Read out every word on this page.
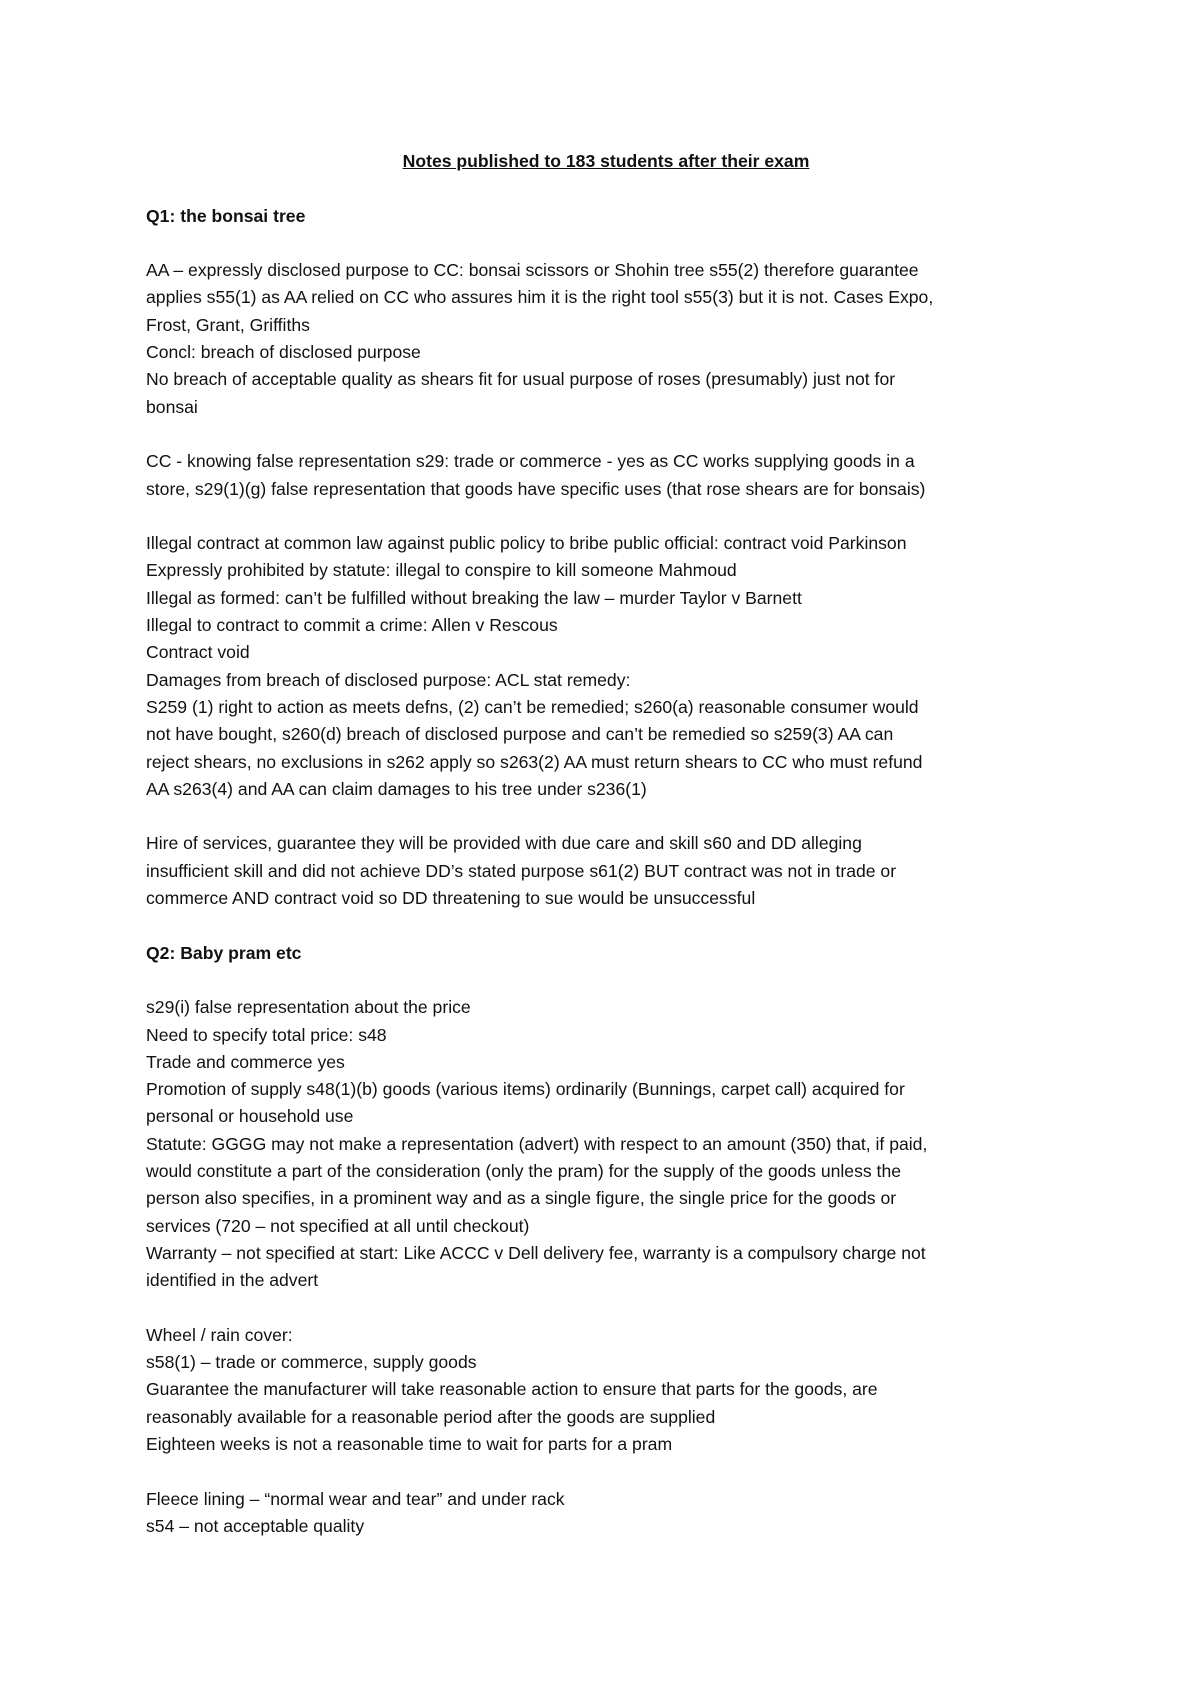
Notes published to 183 students after their exam

Q1: the bonsai tree

AA – expressly disclosed purpose to CC: bonsai scissors or Shohin tree s55(2) therefore guarantee
applies s55(1) as AA relied on CC who assures him it is the right tool s55(3) but it is not. Cases Expo,
Frost, Grant, Griffiths
Concl: breach of disclosed purpose
No breach of acceptable quality as shears fit for usual purpose of roses (presumably) just not for
bonsai

CC - knowing false representation s29: trade or commerce - yes as CC works supplying goods in a
store, s29(1)(g) false representation that goods have specific uses (that rose shears are for bonsais)

Illegal contract at common law against public policy to bribe public official: contract void Parkinson
Expressly prohibited by statute: illegal to conspire to kill someone Mahmoud
Illegal as formed: can’t be fulfilled without breaking the law – murder Taylor v Barnett
Illegal to contract to commit a crime: Allen v Rescous
Contract void
Damages from breach of disclosed purpose: ACL stat remedy:
S259 (1) right to action as meets defns, (2) can’t be remedied; s260(a) reasonable consumer would
not have bought, s260(d) breach of disclosed purpose and can’t be remedied so s259(3) AA can
reject shears, no exclusions in s262 apply so s263(2) AA must return shears to CC who must refund
AA s263(4) and AA can claim damages to his tree under s236(1)

Hire of services, guarantee they will be provided with due care and skill s60 and DD alleging
insufficient skill and did not achieve DD’s stated purpose s61(2) BUT contract was not in trade or
commerce AND contract void so DD threatening to sue would be unsuccessful

Q2: Baby pram etc

s29(i) false representation about the price
Need to specify total price: s48
Trade and commerce yes
Promotion of supply s48(1)(b) goods (various items) ordinarily (Bunnings, carpet call) acquired for
personal or household use
Statute: GGGG may not make a representation (advert) with respect to an amount (350) that, if paid,
would constitute a part of the consideration (only the pram) for the supply of the goods unless the
person also specifies, in a prominent way and as a single figure, the single price for the goods or
services (720 – not specified at all until checkout)
Warranty – not specified at start: Like ACCC v Dell delivery fee, warranty is a compulsory charge not
identified in the advert

Wheel / rain cover:
s58(1) – trade or commerce, supply goods
Guarantee the manufacturer will take reasonable action to ensure that parts for the goods, are
reasonably available for a reasonable period after the goods are supplied
Eighteen weeks is not a reasonable time to wait for parts for a pram

Fleece lining – “normal wear and tear” and under rack
s54 – not acceptable quality
